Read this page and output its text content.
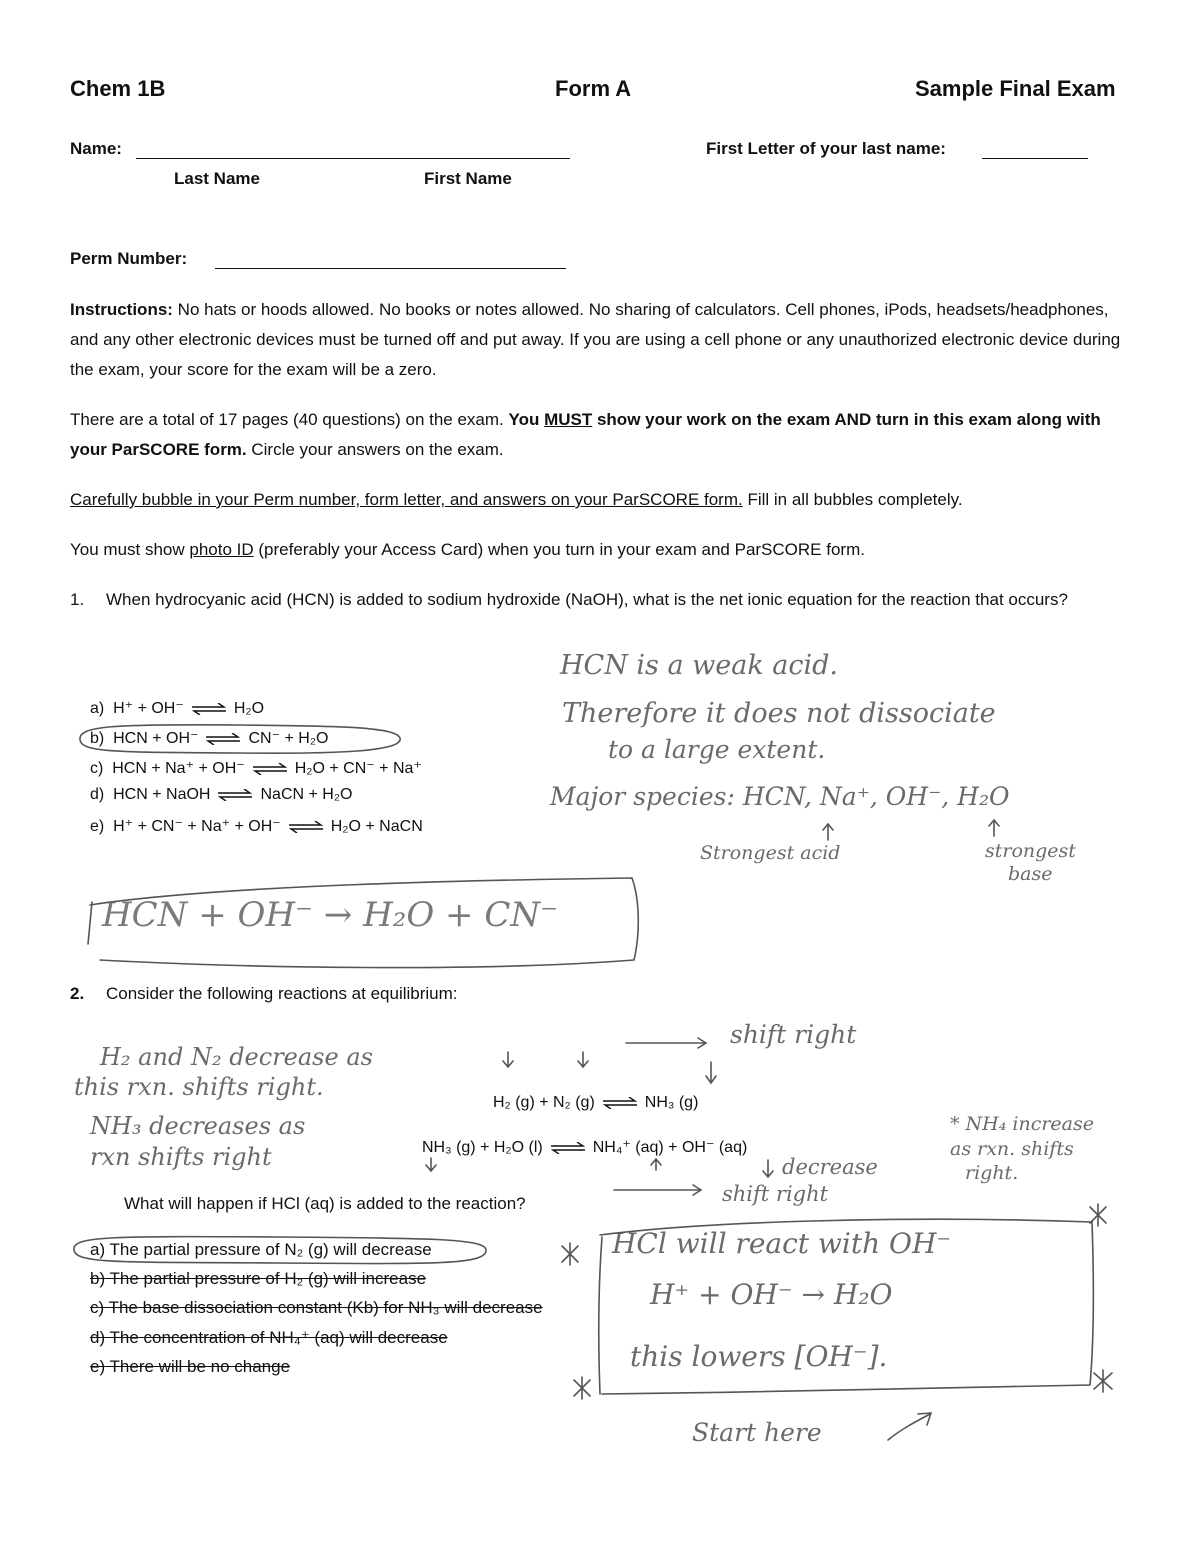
Chem 1B	Form A	Sample Final Exam
Name:
Last Name	First Name
First Letter of your last name:
Perm Number:
Instructions: No hats or hoods allowed. No books or notes allowed. No sharing of calculators. Cell phones, iPods, headsets/headphones, and any other electronic devices must be turned off and put away. If you are using a cell phone or any unauthorized electronic device during the exam, your score for the exam will be a zero.
There are a total of 17 pages (40 questions) on the exam. You MUST show your work on the exam AND turn in this exam along with your ParSCORE form. Circle your answers on the exam.
Carefully bubble in your Perm number, form letter, and answers on your ParSCORE form. Fill in all bubbles completely.
You must show photo ID (preferably your Access Card) when you turn in your exam and ParSCORE form.
1. When hydrocyanic acid (HCN) is added to sodium hydroxide (NaOH), what is the net ionic equation for the reaction that occurs?
a) H⁺ + OH⁻ ⇌ H₂O
b) HCN + OH⁻ ⇌ CN⁻ + H₂O
c) HCN + Na⁺ + OH⁻ ⇌ H₂O + CN⁻ + Na⁺
d) HCN + NaOH ⇌ NaCN + H₂O
e) H⁺ + CN⁻ + Na⁺ + OH⁻ ⇌ H₂O + NaCN
HCN is a weak acid.
Therefore it does not dissociate
to a large extent.
Major species: HCN, Na⁺, OH⁻, H₂O
Strongest acid	strongest
base
HCN + OH⁻ → H₂O + CN⁻
2. Consider the following reactions at equilibrium:
H₂ (g) + N₂ (g) ⇌ NH₃ (g)
NH₃ (g) + H₂O (l) ⇌ NH₄⁺ (aq) + OH⁻ (aq)
What will happen if HCl (aq) is added to the reaction?
a) The partial pressure of N₂ (g) will decrease
b) The partial pressure of H₂ (g) will increase
c) The base dissociation constant (Kb) for NH₃ will decrease
d) The concentration of NH₄⁺ (aq) will decrease
e) There will be no change
shift right
H₂ and N₂ decrease as
this rxn. shifts right.
NH₃ decreases as
rxn shifts right	decrease
shift right
* NH₄ increase
as rxn. shifts
right.
HCl will react with OH⁻
H⁺ + OH⁻ → H₂O
this lowers [OH⁻].
Start here
